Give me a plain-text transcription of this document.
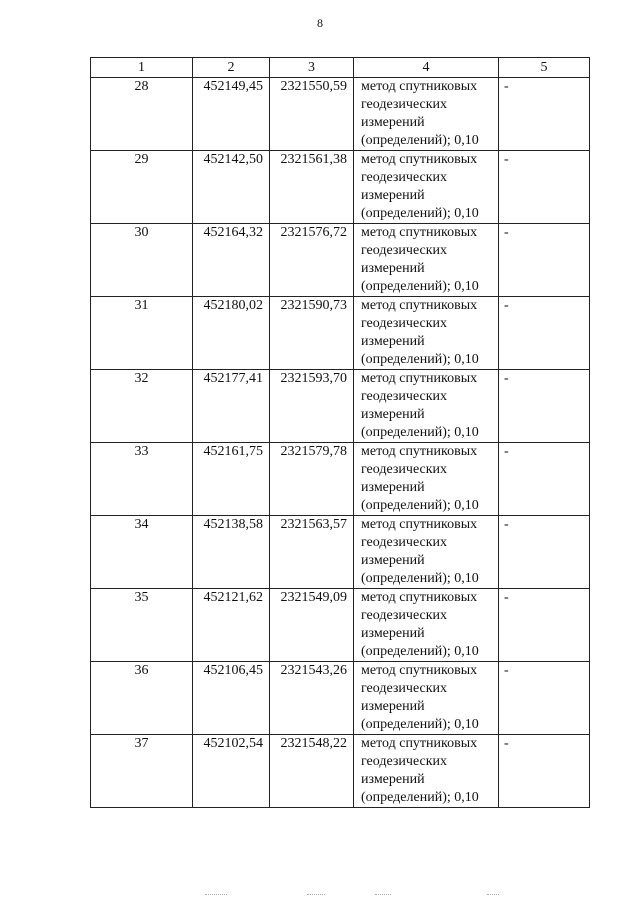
8
1	2	3	4	5
28	452149,45	2321550,59	метод спутниковых
геодезических
измерений
(определений); 0,10	-
29	452142,50	2321561,38	метод спутниковых
геодезических
измерений
(определений); 0,10	-
30	452164,32	2321576,72	метод спутниковых
геодезических
измерений
(определений); 0,10	-
31	452180,02	2321590,73	метод спутниковых
геодезических
измерений
(определений); 0,10	-
32	452177,41	2321593,70	метод спутниковых
геодезических
измерений
(определений); 0,10	-
33	452161,75	2321579,78	метод спутниковых
геодезических
измерений
(определений); 0,10	-
34	452138,58	2321563,57	метод спутниковых
геодезических
измерений
(определений); 0,10	-
35	452121,62	2321549,09	метод спутниковых
геодезических
измерений
(определений); 0,10	-
36	452106,45	2321543,26	метод спутниковых
геодезических
измерений
(определений); 0,10	-
37	452102,54	2321548,22	метод спутниковых
геодезических
измерений
(определений); 0,10	-
